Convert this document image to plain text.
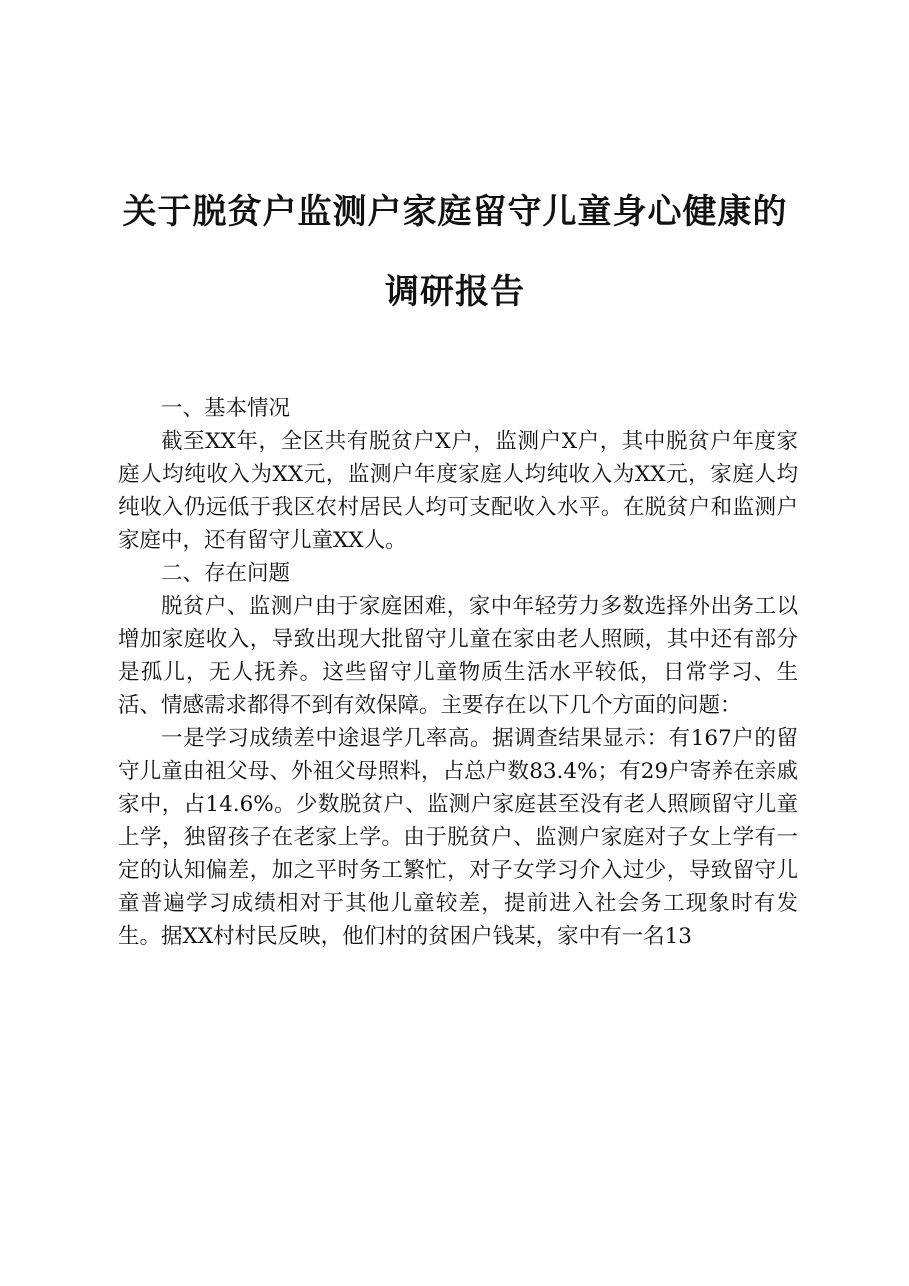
关于脱贫户监测户家庭留守儿童身心健康的调研报告

一、基本情况

截至XX年，全区共有脱贫户X户，监测户X户，其中脱贫户年度家庭人均纯收入为XX元，监测户年度家庭人均纯收入为XX元，家庭人均纯收入仍远低于我区农村居民人均可支配收入水平。在脱贫户和监测户家庭中，还有留守儿童XX人。

二、存在问题

脱贫户、监测户由于家庭困难，家中年轻劳力多数选择外出务工以增加家庭收入，导致出现大批留守儿童在家由老人照顾，其中还有部分是孤儿，无人抚养。这些留守儿童物质生活水平较低，日常学习、生活、情感需求都得不到有效保障。主要存在以下几个方面的问题：

一是学习成绩差中途退学几率高。据调查结果显示：有167户的留守儿童由祖父母、外祖父母照料，占总户数83.4%；有29户寄养在亲戚家中，占14.6%。少数脱贫户、监测户家庭甚至没有老人照顾留守儿童上学，独留孩子在老家上学。由于脱贫户、监测户家庭对子女上学有一定的认知偏差，加之平时务工繁忙，对子女学习介入过少，导致留守儿童普遍学习成绩相对于其他儿童较差，提前进入社会务工现象时有发生。据XX村村民反映，他们村的贫困户钱某，家中有一名13
